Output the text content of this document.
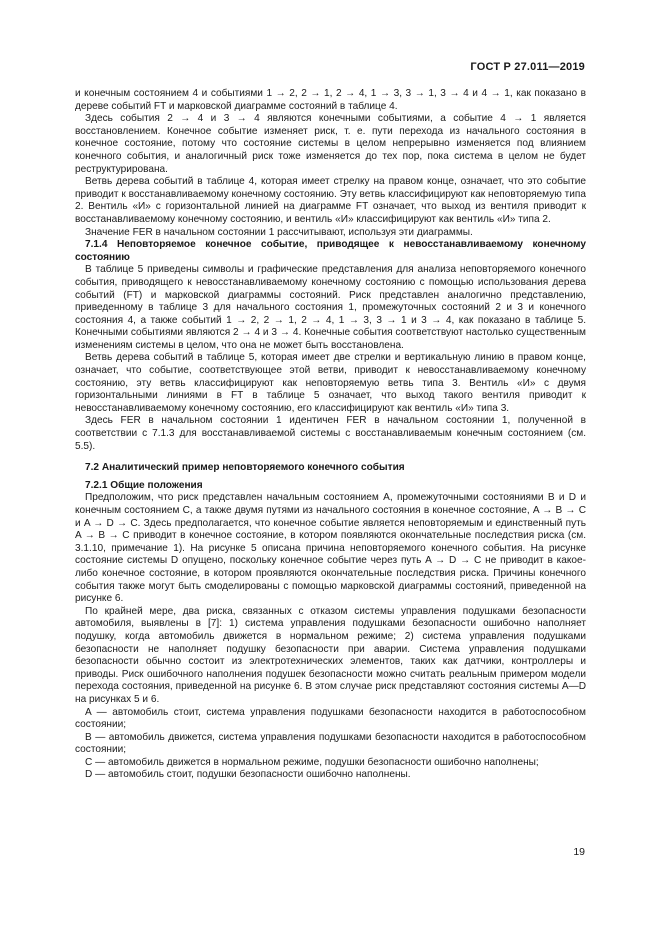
ГОСТ Р 27.011—2019

и конечным состоянием 4 и событиями 1 → 2, 2 → 1, 2 → 4, 1 → 3, 3 → 1, 3 → 4 и 4 → 1, как показано в дереве событий FT и марковской диаграмме состояний в таблице 4.

Здесь события 2 → 4 и 3 → 4 являются конечными событиями, а событие 4 → 1 является восстановлением. Конечное событие изменяет риск, т. е. пути перехода из начального состояния в конечное состояние, потому что состояние системы в целом непрерывно изменяется под влиянием конечного события, и аналогичный риск тоже изменяется до тех пор, пока система в целом не будет реструктурирована.

Ветвь дерева событий в таблице 4, которая имеет стрелку на правом конце, означает, что это событие приводит к восстанавливаемому конечному состоянию. Эту ветвь классифицируют как неповторяемую типа 2. Вентиль «И» с горизонтальной линией на диаграмме FT означает, что выход из вентиля приводит к восстанавливаемому конечному состоянию, и вентиль «И» классифицируют как вентиль «И» типа 2.

Значение FER в начальном состоянии 1 рассчитывают, используя эти диаграммы.

7.1.4 Неповторяемое конечное событие, приводящее к невосстанавливаемому конечному состоянию

В таблице 5 приведены символы и графические представления для анализа неповторяемого конечного события, приводящего к невосстанавливаемому конечному состоянию с помощью использования дерева событий (FT) и марковской диаграммы состояний. Риск представлен аналогично представлению, приведенному в таблице 3 для начального состояния 1, промежуточных состояний 2 и 3 и конечного состояния 4, а также событий 1 → 2, 2 → 1, 2 → 4, 1 → 3, 3 → 1 и 3 → 4, как показано в таблице 5. Конечными событиями являются 2 → 4 и 3 → 4. Конечные события соответствуют настолько существенным изменениям системы в целом, что она не может быть восстановлена.

Ветвь дерева событий в таблице 5, которая имеет две стрелки и вертикальную линию в правом конце, означает, что событие, соответствующее этой ветви, приводит к невосстанавливаемому конечному состоянию, эту ветвь классифицируют как неповторяемую ветвь типа 3. Вентиль «И» с двумя горизонтальными линиями в FT в таблице 5 означает, что выход такого вентиля приводит к невосстанавливаемому конечному состоянию, его классифицируют как вентиль «И» типа 3.

Здесь FER в начальном состоянии 1 идентичен FER в начальном состоянии 1, полученной в соответствии с 7.1.3 для восстанавливаемой системы с восстанавливаемым конечным состоянием (см. 5.5).

7.2 Аналитический пример неповторяемого конечного события

7.2.1 Общие положения

Предположим, что риск представлен начальным состоянием A, промежуточными состояниями B и D и конечным состоянием C, а также двумя путями из начального состояния в конечное состояние, A → B → C и A → D → C. Здесь предполагается, что конечное событие является неповторяемым и единственный путь A → B → C приводит в конечное состояние, в котором появляются окончательные последствия риска (см. 3.1.10, примечание 1). На рисунке 5 описана причина неповторяемого конечного события. На рисунке состояние системы D опущено, поскольку конечное событие через путь A → D → C не приводит в какое-либо конечное состояние, в котором проявляются окончательные последствия риска. Причины конечного события также могут быть смоделированы с помощью марковской диаграммы состояний, приведенной на рисунке 6.

По крайней мере, два риска, связанных с отказом системы управления подушками безопасности автомобиля, выявлены в [7]: 1) система управления подушками безопасности ошибочно наполняет подушку, когда автомобиль движется в нормальном режиме; 2) система управления подушками безопасности не наполняет подушку безопасности при аварии. Система управления подушками безопасности обычно состоит из электротехнических элементов, таких как датчики, контроллеры и приводы. Риск ошибочного наполнения подушек безопасности можно считать реальным примером модели перехода состояния, приведенной на рисунке 6. В этом случае риск представляют состояния системы A—D на рисунках 5 и 6.

A — автомобиль стоит, система управления подушками безопасности находится в работоспособном состоянии;

B — автомобиль движется, система управления подушками безопасности находится в работоспособном состоянии;

C — автомобиль движется в нормальном режиме, подушки безопасности ошибочно наполнены;

D — автомобиль стоит, подушки безопасности ошибочно наполнены.

19
